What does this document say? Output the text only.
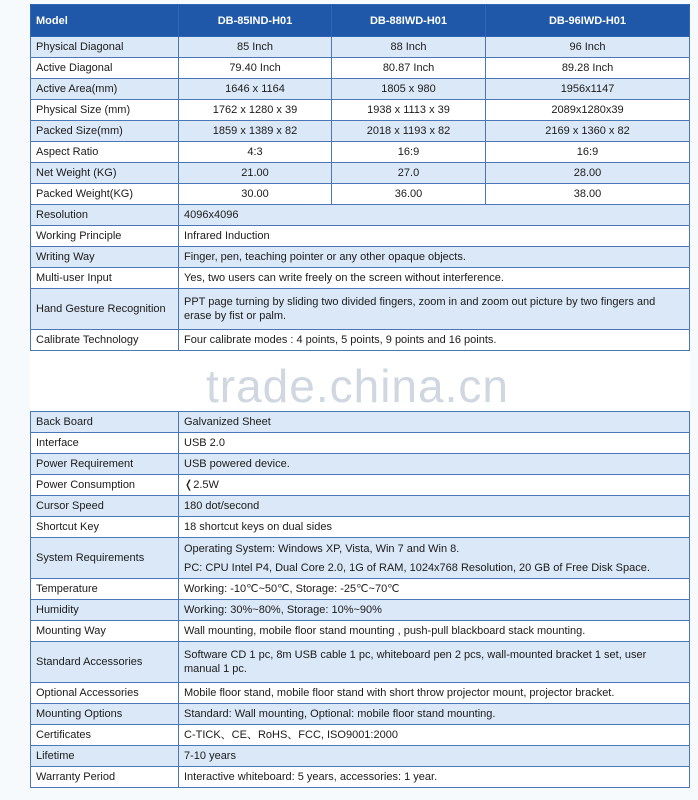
Model	DB-85IND-H01	DB-88IWD-H01	DB-96IWD-H01
Physical Diagonal	85 Inch	88 Inch	96 Inch
Active Diagonal	79.40 Inch	80.87 Inch	89.28 Inch
Active Area(mm)	1646 x 1164	1805 x 980	1956x1147
Physical Size (mm)	1762 x 1280 x 39	1938 x 1113 x 39	2089x1280x39
Packed Size(mm)	1859 x 1389 x 82	2018 x 1193 x 82	2169 x 1360 x 82
Aspect Ratio	4:3	16:9	16:9
Net Weight (KG)	21.00	27.0	28.00
Packed Weight(KG)	30.00	36.00	38.00
Resolution	4096x4096		
Working Principle	Infrared Induction		
Writing Way	Finger, pen, teaching pointer or any other opaque objects.		
Multi-user Input	Yes, two users can write freely on the screen without interference.		
Hand Gesture Recognition	PPT page turning by sliding two divided fingers, zoom in and zoom out picture by two fingers and erase by fist or palm.		
Calibrate Technology	Four calibrate modes : 4 points, 5 points, 9 points and 16 points.		

Back Board	Galvanized Sheet		
Interface	USB 2.0		
Power Requirement	USB powered device.		
Power Consumption	❬2.5W		
Cursor Speed	180 dot/second		
Shortcut Key	18 shortcut keys on dual sides		
System Requirements	Operating System: Windows XP, Vista, Win 7 and Win 8.
PC: CPU Intel P4, Dual Core 2.0, 1G of RAM, 1024x768 Resolution, 20 GB of Free Disk Space.		

Temperature	Working: -10℃~50℃, Storage: -25℃~70℃		
Humidity	Working: 30%~80%, Storage: 10%~90%		
Mounting Way	Wall mounting, mobile floor stand mounting , push-pull blackboard stack mounting.		
Standard Accessories	Software CD 1 pc, 8m USB cable 1 pc, whiteboard pen 2 pcs, wall-mounted bracket 1 set, user manual 1 pc.		
Optional Accessories	Mobile floor stand, mobile floor stand with short throw projector mount, projector bracket.		
Mounting Options	Standard: Wall mounting, Optional: mobile floor stand mounting.		
Certificates	C-TICK、CE、RoHS、FCC, ISO9001:2000		
Lifetime	7-10 years		
Warranty Period	Interactive whiteboard: 5 years, accessories: 1 year.		
trade.china.cn
